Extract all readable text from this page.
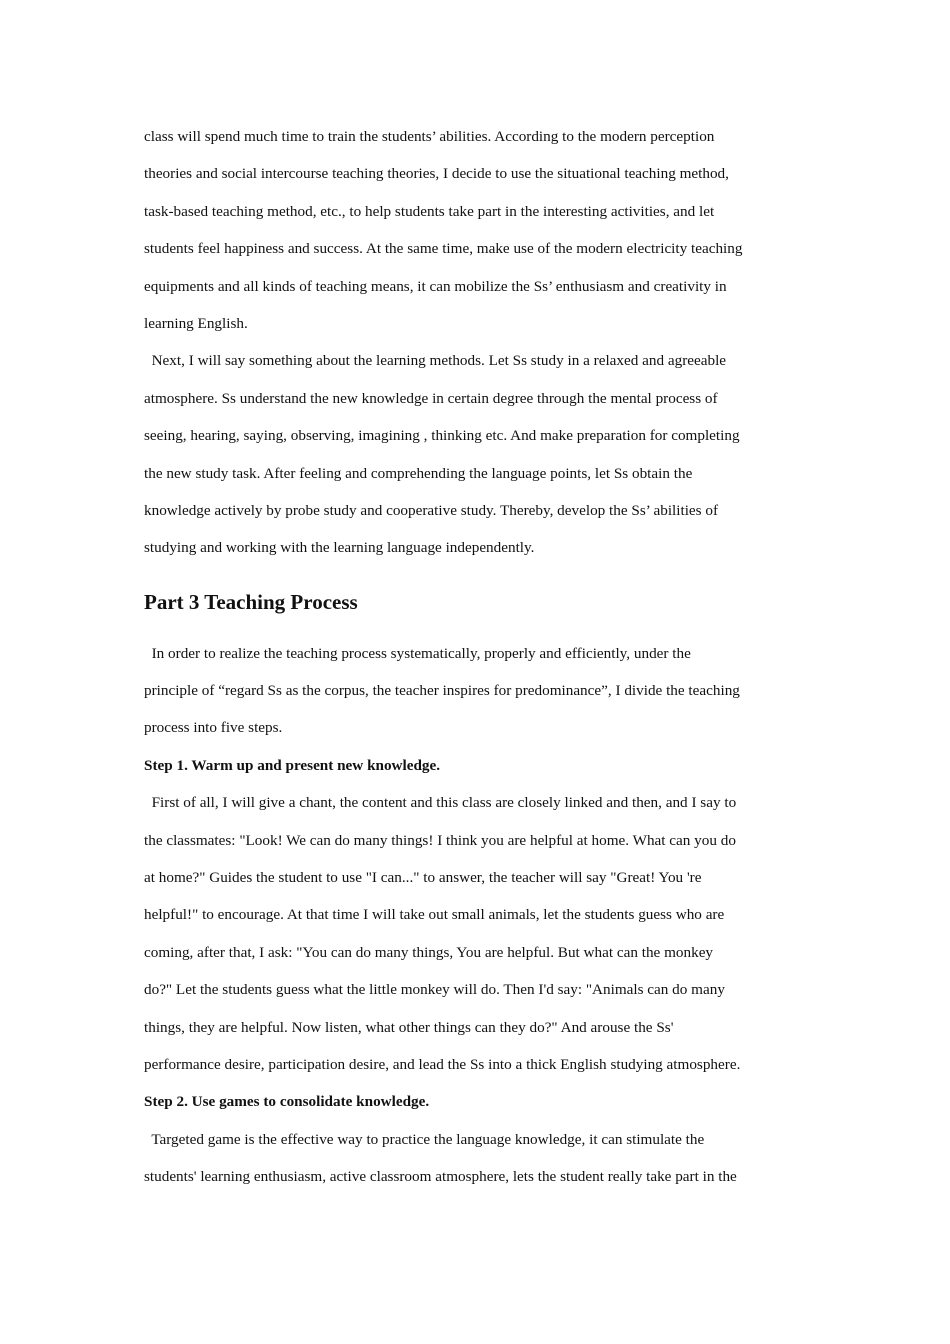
class will spend much time to train the students’ abilities. According to the modern perception
theories and social intercourse teaching theories, I decide to use the situational teaching method,
task-based teaching method, etc., to help students take part in the interesting activities, and let
students feel happiness and success. At the same time, make use of the modern electricity teaching
equipments and all kinds of teaching means, it can mobilize the Ss’ enthusiasm and creativity in
learning English.
Next, I will say something about the learning methods. Let Ss study in a relaxed and agreeable
atmosphere. Ss understand the new knowledge in certain degree through the mental process of
seeing, hearing, saying, observing, imagining , thinking etc. And make preparation for completing
the new study task. After feeling and comprehending the language points, let Ss obtain the
knowledge actively by probe study and cooperative study. Thereby, develop the Ss’ abilities of
studying and working with the learning language independently.
Part 3 Teaching Process
In order to realize the teaching process systematically, properly and efficiently, under the
principle of “regard Ss as the corpus, the teacher inspires for predominance”, I divide the teaching
process into five steps.
Step 1. Warm up and present new knowledge.
First of all, I will give a chant, the content and this class are closely linked and then, and I say to
the classmates: "Look! We can do many things! I think you are helpful at home. What can you do
at home?" Guides the student to use "I can..." to answer, the teacher will say "Great! You 're
helpful!" to encourage. At that time I will take out small animals, let the students guess who are
coming, after that, I ask: "You can do many things, You are helpful. But what can the monkey
do?" Let the students guess what the little monkey will do. Then I'd say: "Animals can do many
things, they are helpful. Now listen, what other things can they do?" And arouse the Ss'
performance desire, participation desire, and lead the Ss into a thick English studying atmosphere.
Step 2. Use games to consolidate knowledge.
Targeted game is the effective way to practice the language knowledge, it can stimulate the
students' learning enthusiasm, active classroom atmosphere, lets the student really take part in the
